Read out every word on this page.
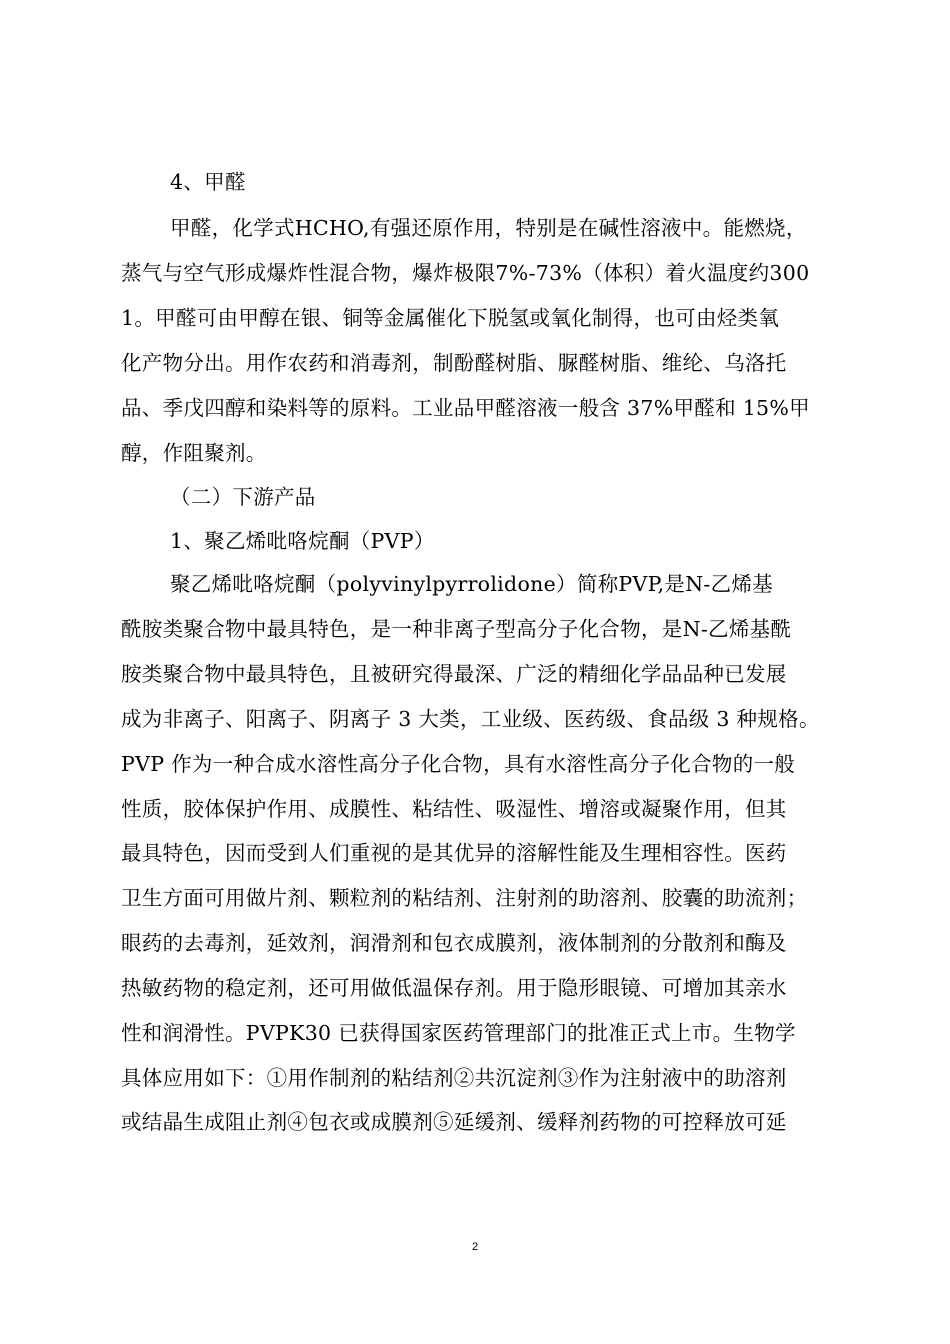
4、甲醛
甲醛，化学式HCHO,有强还原作用，特别是在碱性溶液中。能燃烧，
蒸气与空气形成爆炸性混合物，爆炸极限7%-73%（体积）着火温度约300
1。甲醛可由甲醇在银、铜等金属催化下脱氢或氧化制得，也可由烃类氧
化产物分出。用作农药和消毒剂，制酚醛树脂、脲醛树脂、维纶、乌洛托
品、季戊四醇和染料等的原料。工业品甲醛溶液一般含 37%甲醛和 15%甲
醇，作阻聚剂。
（二）下游产品
1、聚乙烯吡咯烷酮（PVP）
聚乙烯吡咯烷酮（polyvinylpyrrolidone）简称PVP,是N-乙烯基
酰胺类聚合物中最具特色，是一种非离子型高分子化合物，是N-乙烯基酰
胺类聚合物中最具特色，且被研究得最深、广泛的精细化学品品种已发展
成为非离子、阳离子、阴离子 3 大类，工业级、医药级、食品级 3 种规格。
PVP 作为一种合成水溶性高分子化合物，具有水溶性高分子化合物的一般
性质，胶体保护作用、成膜性、粘结性、吸湿性、增溶或凝聚作用，但其
最具特色，因而受到人们重视的是其优异的溶解性能及生理相容性。医药
卫生方面可用做片剂、颗粒剂的粘结剂、注射剂的助溶剂、胶囊的助流剂；
眼药的去毒剂，延效剂，润滑剂和包衣成膜剂，液体制剂的分散剂和酶及
热敏药物的稳定剂，还可用做低温保存剂。用于隐形眼镜、可增加其亲水
性和润滑性。PVPK30 已获得国家医药管理部门的批准正式上市。生物学
具体应用如下：①用作制剂的粘结剂②共沉淀剂③作为注射液中的助溶剂
或结晶生成阻止剂④包衣或成膜剂⑤延缓剂、缓释剂药物的可控释放可延
2
